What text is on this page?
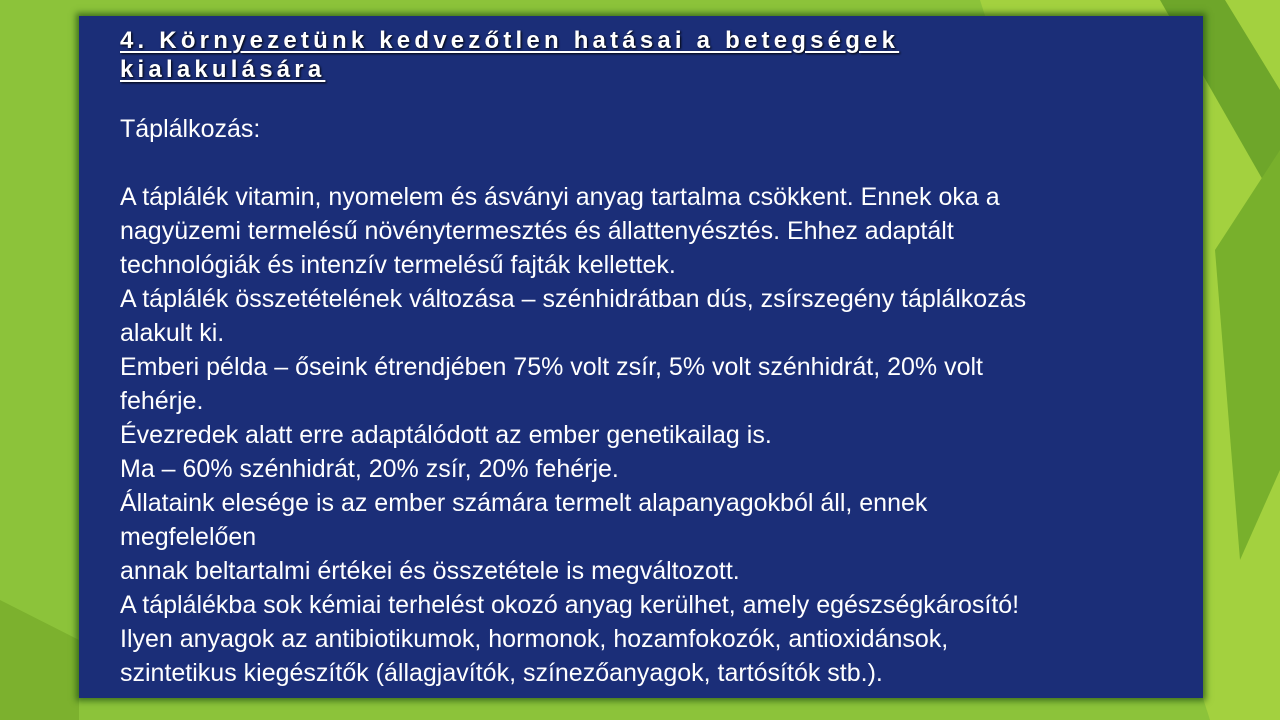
4. Környezetünk kedvezőtlen hatásai a betegségek

kialakulására

Táplálkozás:

A táplálék vitamin, nyomelem és ásványi anyag tartalma csökkent. Ennek oka a

nagyüzemi termelésű növénytermesztés és állattenyésztés. Ehhez adaptált

technológiák és intenzív termelésű fajták kellettek.

A táplálék összetételének változása – szénhidrátban dús, zsírszegény táplálkozás

alakult ki.

Emberi példa – őseink étrendjében 75% volt zsír, 5% volt szénhidrát, 20% volt

fehérje.

Évezredek alatt erre adaptálódott az ember genetikailag is.

Ma – 60% szénhidrát, 20% zsír, 20% fehérje.

Állataink elesége is az ember számára termelt alapanyagokból áll, ennek

megfelelően

annak beltartalmi értékei és összetétele is megváltozott.

A táplálékba sok kémiai terhelést okozó anyag kerülhet, amely egészségkárosító!

Ilyen anyagok az antibiotikumok, hormonok, hozamfokozók, antioxidánsok,

szintetikus kiegészítők (állagjavítók, színezőanyagok, tartósítók stb.).
